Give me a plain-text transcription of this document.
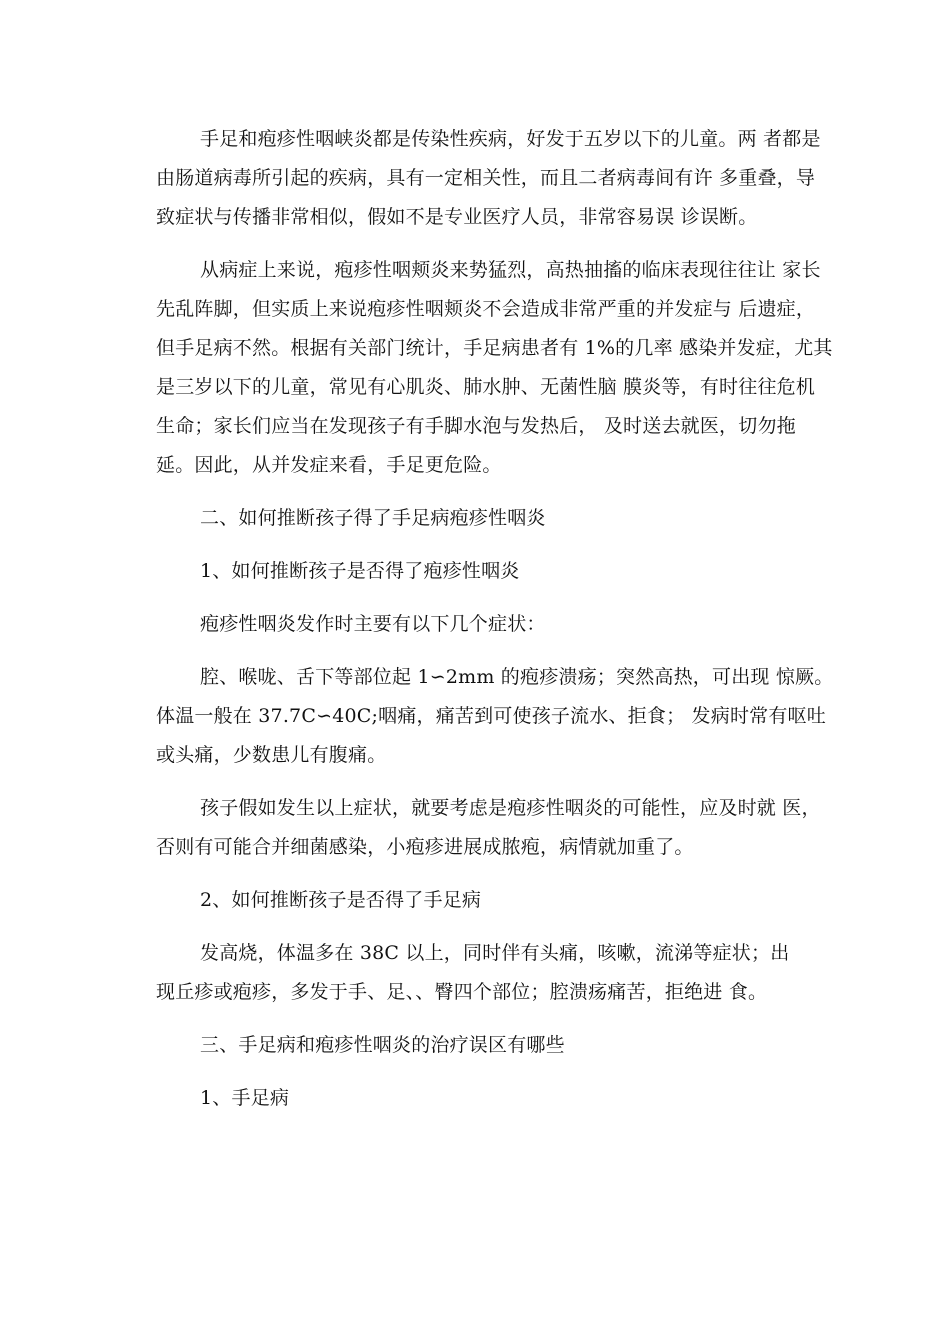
手足和疱疹性咽峡炎都是传染性疾病，好发于五岁以下的儿童。两 者都是
由肠道病毒所引起的疾病，具有一定相关性，而且二者病毒间有许 多重叠，导
致症状与传播非常相似，假如不是专业医疗人员，非常容易误 诊误断。

从病症上来说，疱疹性咽颊炎来势猛烈，高热抽搐的临床表现往往让 家长
先乱阵脚，但实质上来说疱疹性咽颊炎不会造成非常严重的并发症与 后遗症，
但手足病不然。根据有关部门统计，手足病患者有 1%的几率 感染并发症，尤其
是三岁以下的儿童，常见有心肌炎、肺水肿、无菌性脑 膜炎等，有时往往危机
生命；家长们应当在发现孩子有手脚水泡与发热后， 及时送去就医，切勿拖
延。因此，从并发症来看，手足更危险。

二、如何推断孩子得了手足病疱疹性咽炎

1、如何推断孩子是否得了疱疹性咽炎

疱疹性咽炎发作时主要有以下几个症状：

腔、喉咙、舌下等部位起 1∽2mm 的疱疹溃疡；突然高热，可出现 惊厥。
体温一般在 37.7C∽40C;咽痛，痛苦到可使孩子流水、拒食； 发病时常有呕吐
或头痛，少数患儿有腹痛。

孩子假如发生以上症状，就要考虑是疱疹性咽炎的可能性，应及时就 医，
否则有可能合并细菌感染，小疱疹进展成脓疱，病情就加重了。

2、如何推断孩子是否得了手足病

发高烧，体温多在 38C 以上，同时伴有头痛，咳嗽，流涕等症状；出
现丘疹或疱疹，多发于手、足、、臀四个部位；腔溃疡痛苦，拒绝进 食。

三、手足病和疱疹性咽炎的治疗误区有哪些

1、手足病
